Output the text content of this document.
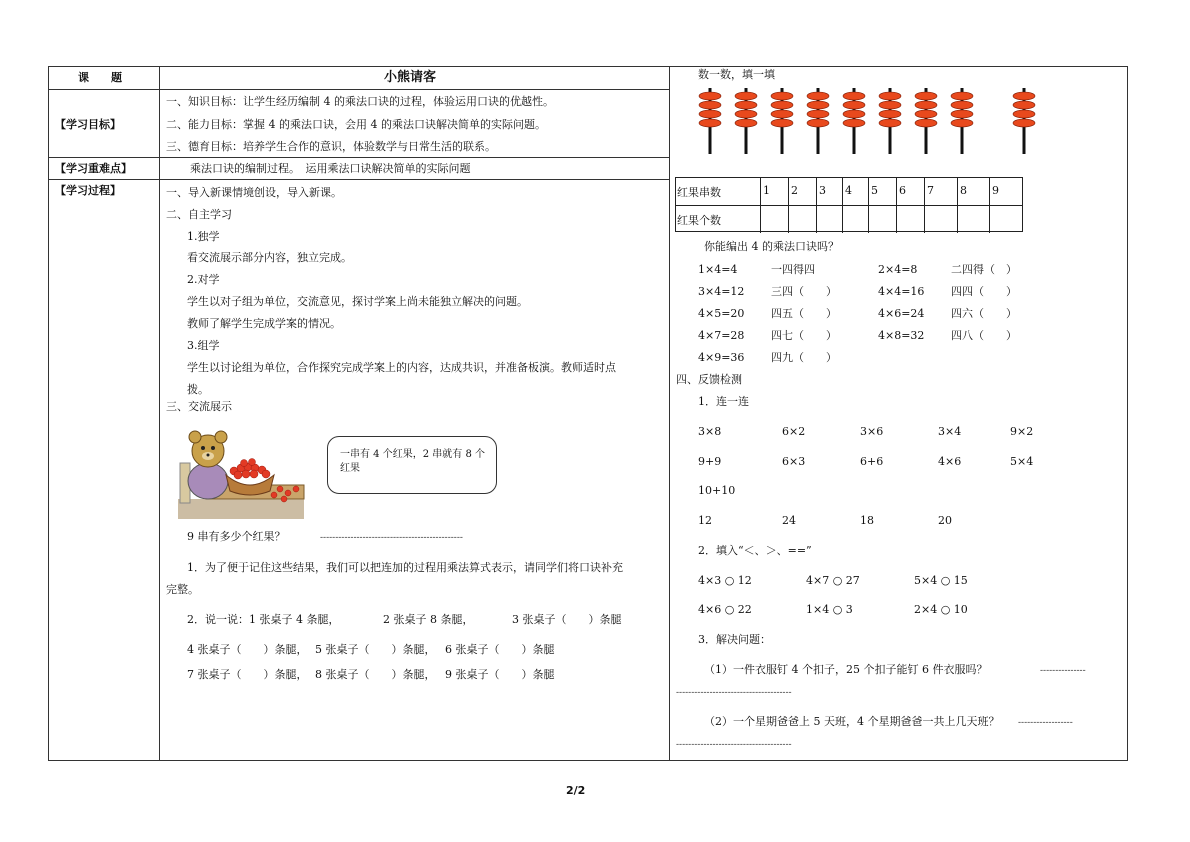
课　　题	小熊请客
【学习目标】
一、知识目标：让学生经历编制 4 的乘法口诀的过程，体验运用口诀的优越性。
二、能力目标：掌握 4 的乘法口诀，会用 4 的乘法口诀解决简单的实际问题。
三、德育目标：培养学生合作的意识，体验数学与日常生活的联系。
【学习重难点】	乘法口诀的编制过程。　运用乘法口诀解决简单的实际问题
【学习过程】	一、导入新课情境创设，导入新课。
二、自主学习
1.独学
看交流展示部分内容，独立完成。
2.对学
学生以对子组为单位，交流意见，探讨学案上尚未能独立解决的问题。
教师了解学生完成学案的情况。
3.组学
学生以讨论组为单位，合作探究完成学案上的内容，达成共识，并准备板演。教师适时点
拨。
三、交流展示
一串有 4 个红果，2 串就有 8 个红果
9 串有多少个红果？	-----------------------------------------------
1．为了便于记住这些结果，我们可以把连加的过程用乘法算式表示，请同学们将口诀补充
完整。
2．说一说：1 张桌子 4 条腿，	2 张桌子 8 条腿，	3 张桌子（　　）条腿
4 张桌子（　　）条腿， 5 张桌子（　　）条腿， 6 张桌子（　　）条腿
7 张桌子（　　）条腿， 8 张桌子（　　）条腿， 9 张桌子（　　）条腿
数一数，填一填
红果串数	1	2	3	4	5	6	7	8	9
红果个数
你能编出 4 的乘法口诀吗？
1×4=4	一四得四	2×4=8	二四得（　）
3×4=12 三四（　　）	4×4=16 四四（　　）
4×5=20 四五（　　）	4×6=24 四六（　　）
4×7=28 四七（　　）	4×8=32 四八（　　）
4×9=36 四九（　　）
四、反馈检测
1．连一连
3×8	6×2	3×6	3×4	9×2
9+9	6×3	6+6	4×6	5×4
10+10
12	24	18	20
2．填入“＜、＞、==”
4×3 ○ 12	4×7 ○ 27	5×4 ○ 15
4×6 ○ 22	1×4 ○ 3	2×4 ○ 10
3．解决问题：
（1）一件衣服钉 4 个扣子，25 个扣子能钉 6 件衣服吗？	---------------
--------------------------------------
（2）一个星期爸爸上 5 天班，4 个星期爸爸一共上几天班？ ------------------
--------------------------------------
2/2
